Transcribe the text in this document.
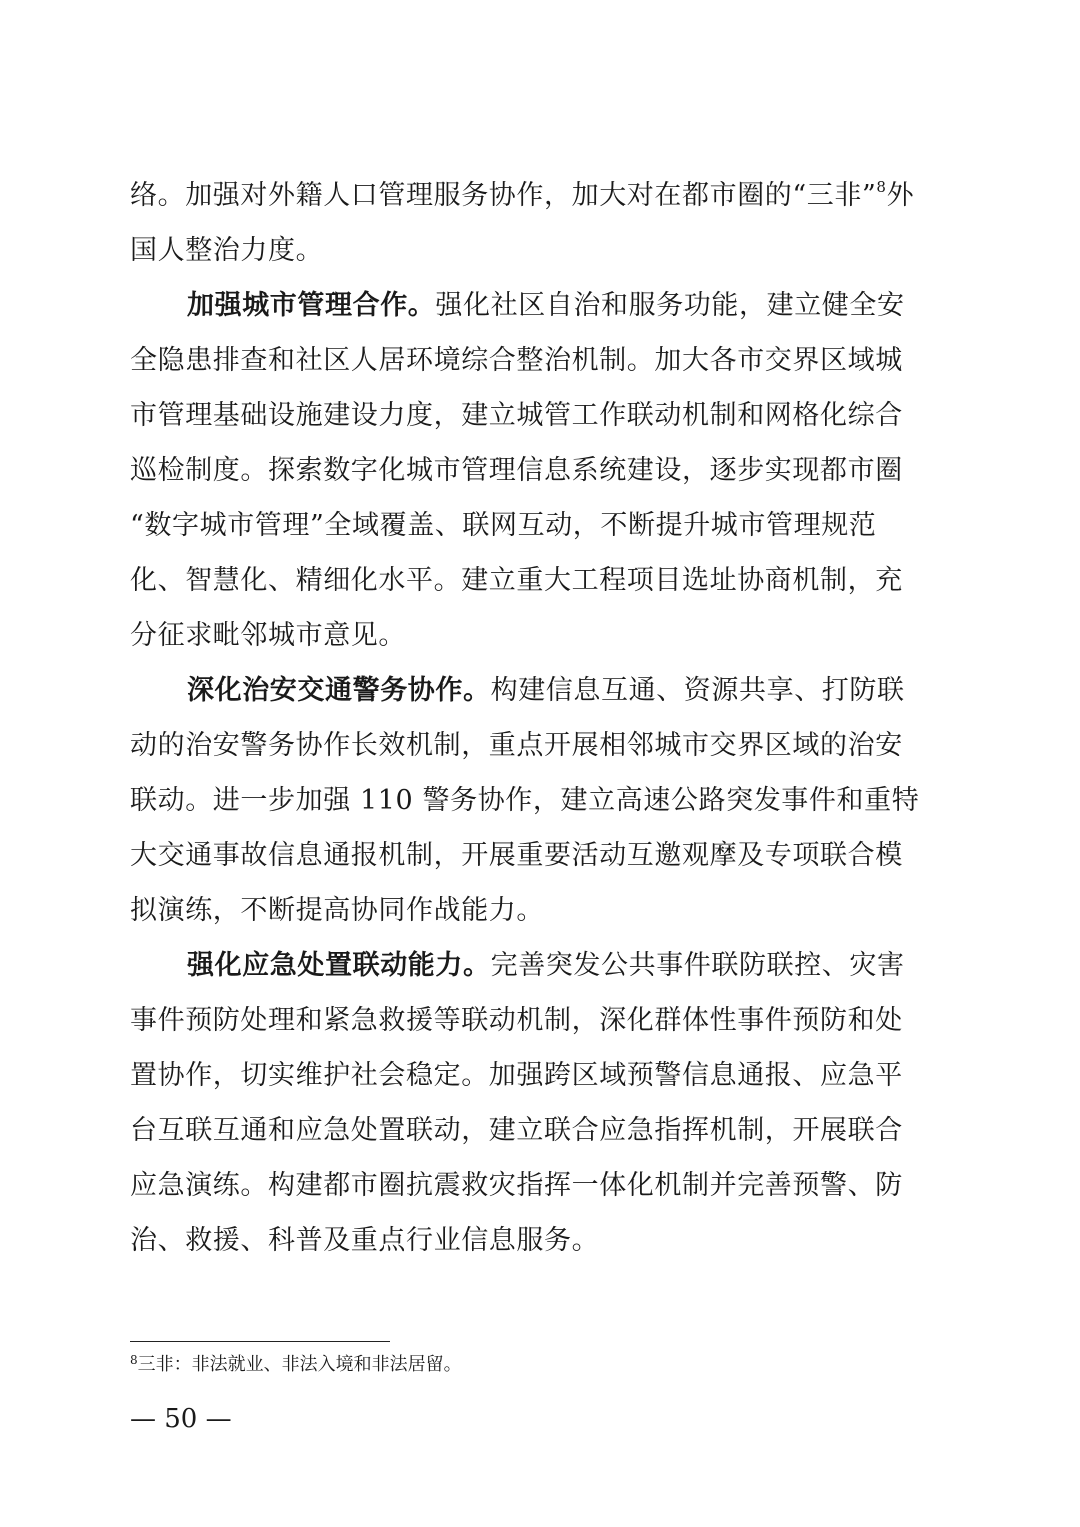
络。加强对外籍人口管理服务协作，加大对在都市圈的“三非”$^8$外
国人整治力度。
加强城市管理合作。强化社区自治和服务功能，建立健全安
全隐患排查和社区人居环境综合整治机制。加大各市交界区域城
市管理基础设施建设力度，建立城管工作联动机制和网格化综合
巡检制度。探索数字化城市管理信息系统建设，逐步实现都市圈
“数字城市管理”全域覆盖、联网互动，不断提升城市管理规范
化、智慧化、精细化水平。建立重大工程项目选址协商机制，充
分征求毗邻城市意见。
深化治安交通警务协作。构建信息互通、资源共享、打防联
动的治安警务协作长效机制，重点开展相邻城市交界区域的治安
联动。进一步加强 110 警务协作，建立高速公路突发事件和重特
大交通事故信息通报机制，开展重要活动互邀观摩及专项联合模
拟演练，不断提高协同作战能力。
强化应急处置联动能力。完善突发公共事件联防联控、灾害
事件预防处理和紧急救援等联动机制，深化群体性事件预防和处
置协作，切实维护社会稳定。加强跨区域预警信息通报、应急平
台互联互通和应急处置联动，建立联合应急指挥机制，开展联合
应急演练。构建都市圈抗震救灾指挥一体化机制并完善预警、防
治、救援、科普及重点行业信息服务。
$^8$三非：非法就业、非法入境和非法居留。
— 50 —
